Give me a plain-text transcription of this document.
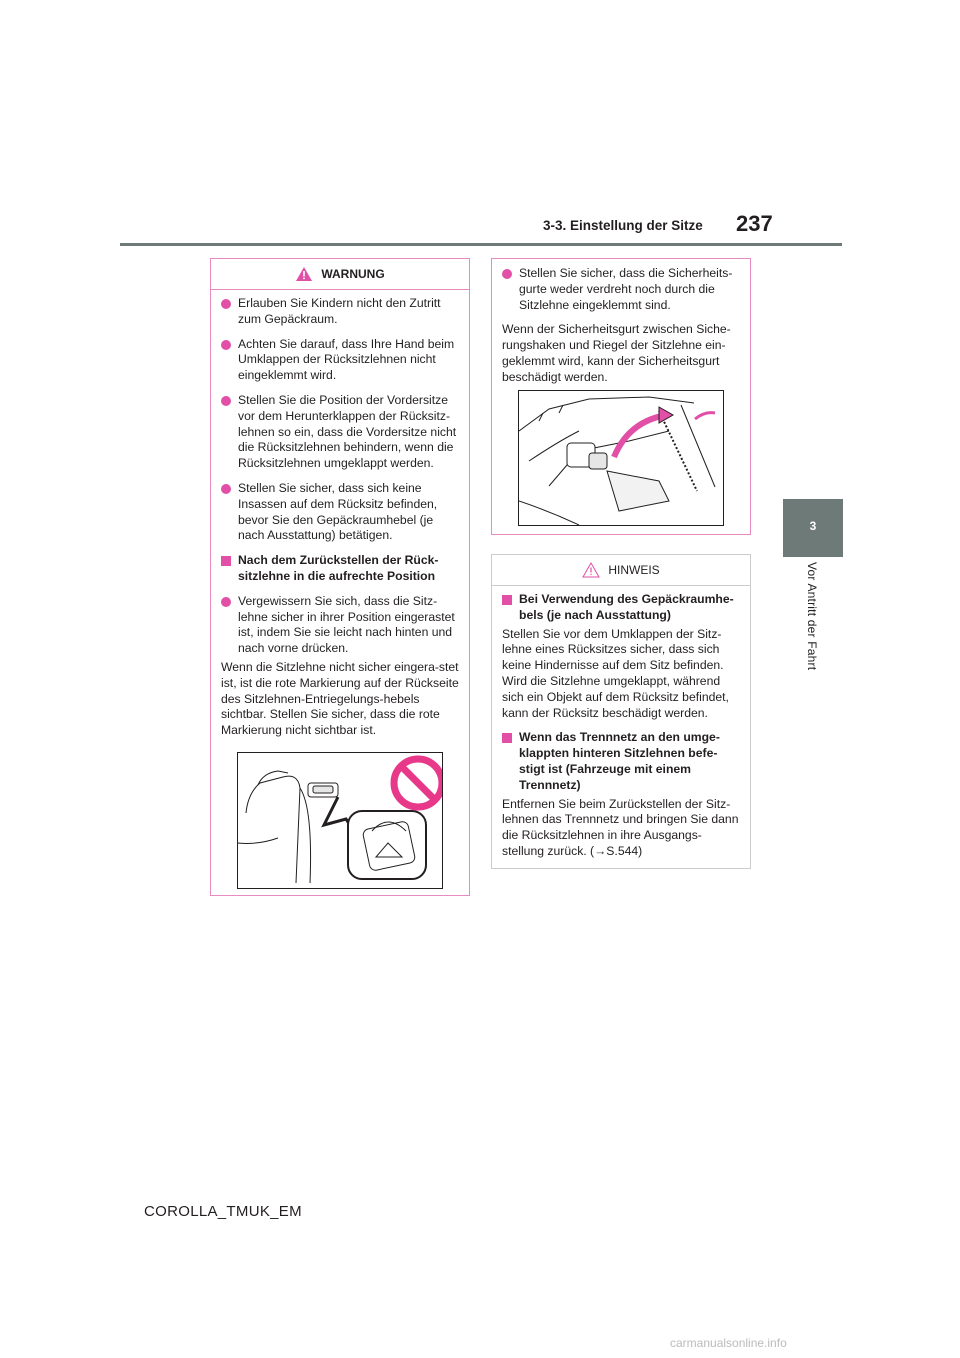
3-3. Einstellung der Sitze 237
3
Vor Antritt der Fahrt
WARNUNG
Erlauben Sie Kindern nicht den Zutritt zum Gepäckraum.
Achten Sie darauf, dass Ihre Hand beim Umklappen der Rücksitzlehnen nicht eingeklemmt wird.
Stellen Sie die Position der Vordersitze vor dem Herunterklappen der Rücksitz-lehnen so ein, dass die Vordersitze nicht die Rücksitzlehnen behindern, wenn die Rücksitzlehnen umgeklappt werden.
Stellen Sie sicher, dass sich keine Insassen auf dem Rücksitz befinden, bevor Sie den Gepäckraumhebel (je nach Ausstattung) betätigen.
Nach dem Zurückstellen der Rück-sitzlehne in die aufrechte Position
Vergewissern Sie sich, dass die Sitz-lehne sicher in ihrer Position eingerastet ist, indem Sie sie leicht nach hinten und nach vorne drücken.
Wenn die Sitzlehne nicht sicher eingera-stet ist, ist die rote Markierung auf der Rückseite des Sitzlehnen-Entriegelungs-hebels sichtbar. Stellen Sie sicher, dass die rote Markierung nicht sichtbar ist.
Stellen Sie sicher, dass die Sicherheits-gurte weder verdreht noch durch die Sitzlehne eingeklemmt sind.
Wenn der Sicherheitsgurt zwischen Siche-rungshaken und Riegel der Sitzlehne ein-geklemmt wird, kann der Sicherheitsgurt beschädigt werden.
HINWEIS
Bei Verwendung des Gepäckraumhe-bels (je nach Ausstattung)
Stellen Sie vor dem Umklappen der Sitz-lehne eines Rücksitzes sicher, dass sich keine Hindernisse auf dem Sitz befinden. Wird die Sitzlehne umgeklappt, während sich ein Objekt auf dem Rücksitz befindet, kann der Rücksitz beschädigt werden.
Wenn das Trennnetz an den umge-klappten hinteren Sitzlehnen befe-stigt ist (Fahrzeuge mit einem Trennnetz)
Entfernen Sie beim Zurückstellen der Sitz-lehnen das Trennnetz und bringen Sie dann die Rücksitzlehnen in ihre Ausgangs-stellung zurück. (→S.544)
COROLLA_TMUK_EM
carmanualsonline.info
